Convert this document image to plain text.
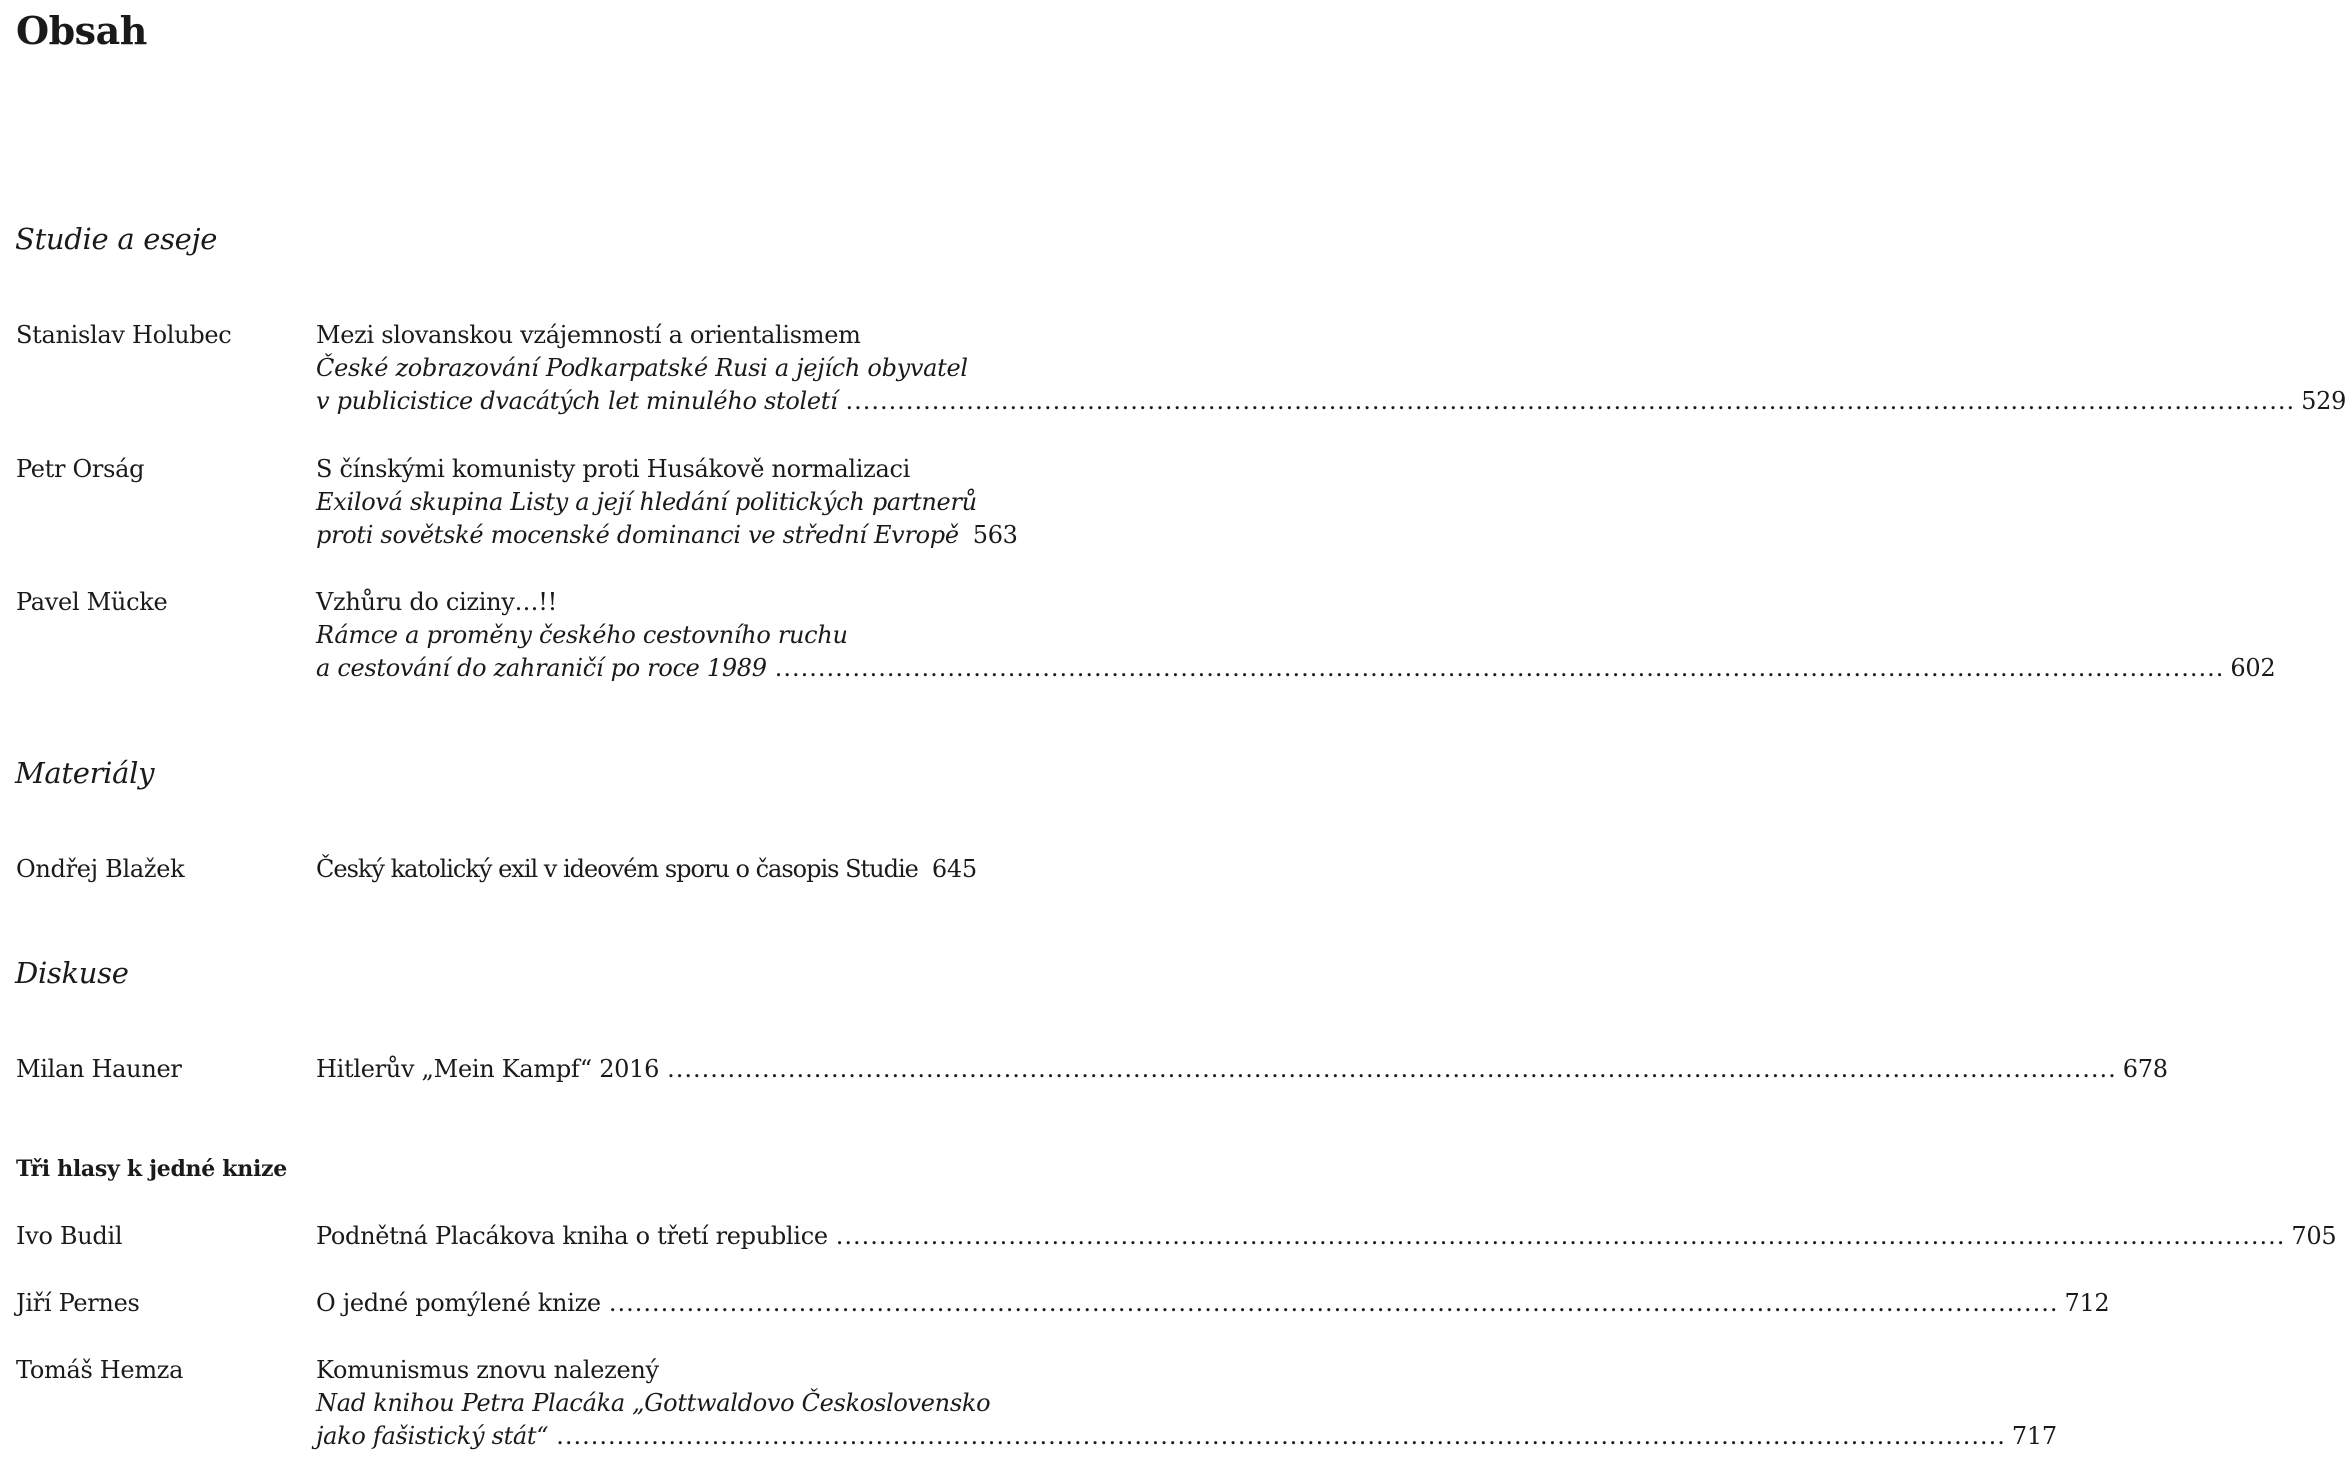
Obsah
Studie a eseje
Stanislav Holubec	Mezi slovanskou vzájemností a orientalismem
České zobrazování Podkarpatské Rusi a jejích obyvatel
v publicistice dvacátých let minulého století .....	529
Petr Orság	S čínskými komunisty proti Husákově normalizaci
Exilová skupina Listy a její hledání politických partnerů
proti sovětské mocenské dominanci ve střední Evropě 563
Pavel Mücke	Vzhůru do ciziny…!!
Rámce a proměny českého cestovního ruchu
a cestování do zahraničí po roce 1989 .....	602
Materiály
Ondřej Blažek	Český katolický exil v ideovém sporu o časopis Studie 645
Diskuse
Milan Hauner	Hitlerův „Mein Kampf“ 2016 .....	678
Tři hlasy k jedné knize
Ivo Budil	Podnětná Placákova kniha o třetí republice .....	705
Jiří Pernes	O jedné pomýlené knize .....	712
Tomáš Hemza	Komunismus znovu nalezený
Nad knihou Petra Placáka „Gottwaldovo Československo
jako fašistický stát“ .....	717
